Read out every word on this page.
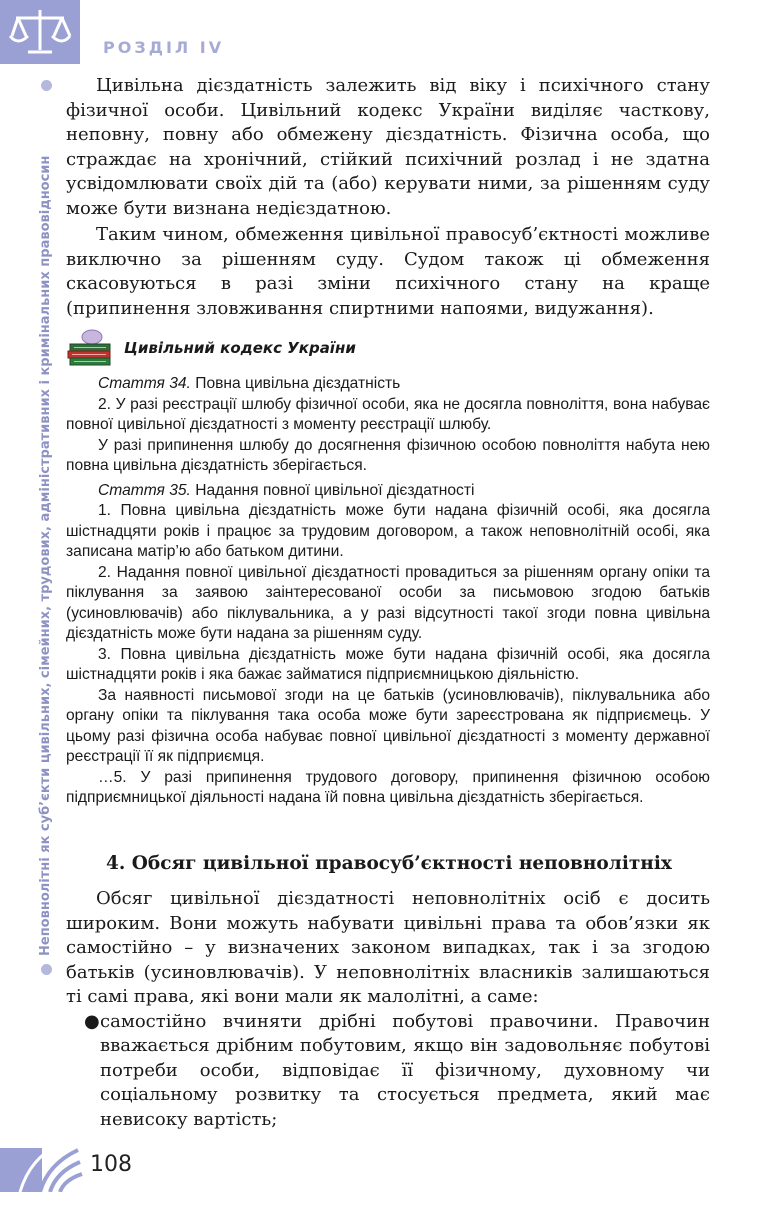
РОЗДІЛ IV
Неповнолітні як суб’єкти цивільних, сімейних, трудових, адміністративних і кримінальних правовідносин

Цивільна дієздатність залежить від віку і психічного стану фізичної особи. Цивільний кодекс України виділяє часткову, неповну, повну або обмежену дієздатність. Фізична особа, що страждає на хронічний, стійкий психічний розлад і не здатна усвідомлювати своїх дій та (або) керувати ними, за рішенням суду може бути визнана недієздатною.

Таким чином, обмеження цивільної правосуб’єктності можливе виключно за рішенням суду. Судом також ці обмеження скасовуються в разі зміни психічного стану на краще (припинення зловживання спиртними напоями, видужання).

Цивільний кодекс України

Стаття 34. Повна цивільна дієздатність

2. У разі реєстрації шлюбу фізичної особи, яка не досягла повноліття, вона набуває повної цивільної дієздатності з моменту реєстрації шлюбу.

У разі припинення шлюбу до досягнення фізичною особою повноліття набута нею повна цивільна дієздатність зберігається.

Стаття 35. Надання повної цивільної дієздатності

1. Повна цивільна дієздатність може бути надана фізичній особі, яка досягла шістнадцяти років і працює за трудовим договором, а також неповнолітній особі, яка записана матір’ю або батьком дитини.

2. Надання повної цивільної дієздатності провадиться за рішенням органу опіки та піклування за заявою заінтересованої особи за письмовою згодою батьків (усиновлювачів) або піклувальника, а у разі відсутності такої згоди повна цивільна дієздатність може бути надана за рішенням суду.

3. Повна цивільна дієздатність може бути надана фізичній особі, яка досягла шістнадцяти років і яка бажає займатися підприємницькою діяльністю.

За наявності письмової згоди на це батьків (усиновлювачів), піклувальника або органу опіки та піклування така особа може бути зареєстрована як підприємець. У цьому разі фізична особа набуває повної цивільної дієздатності з моменту державної реєстрації її як підприємця.

…5. У разі припинення трудового договору, припинення фізичною особою підприємницької діяльності надана їй повна цивільна дієздатність зберігається.

4. Обсяг цивільної правосуб’єктності неповнолітніх

Обсяг цивільної дієздатності неповнолітніх осіб є досить широким. Вони можуть набувати цивільні права та обов’язки як самостійно – у визначених законом випадках, так і за згодою батьків (усиновлювачів). У неповнолітніх власників залишаються ті самі права, які вони мали як малолітні, а саме:

● самостійно вчиняти дрібні побутові правочини. Правочин вважається дрібним побутовим, якщо він задовольняє побутові потреби особи, відповідає її фізичному, духовному чи соціальному розвитку та стосується предмета, який має невисоку вартість;

108
